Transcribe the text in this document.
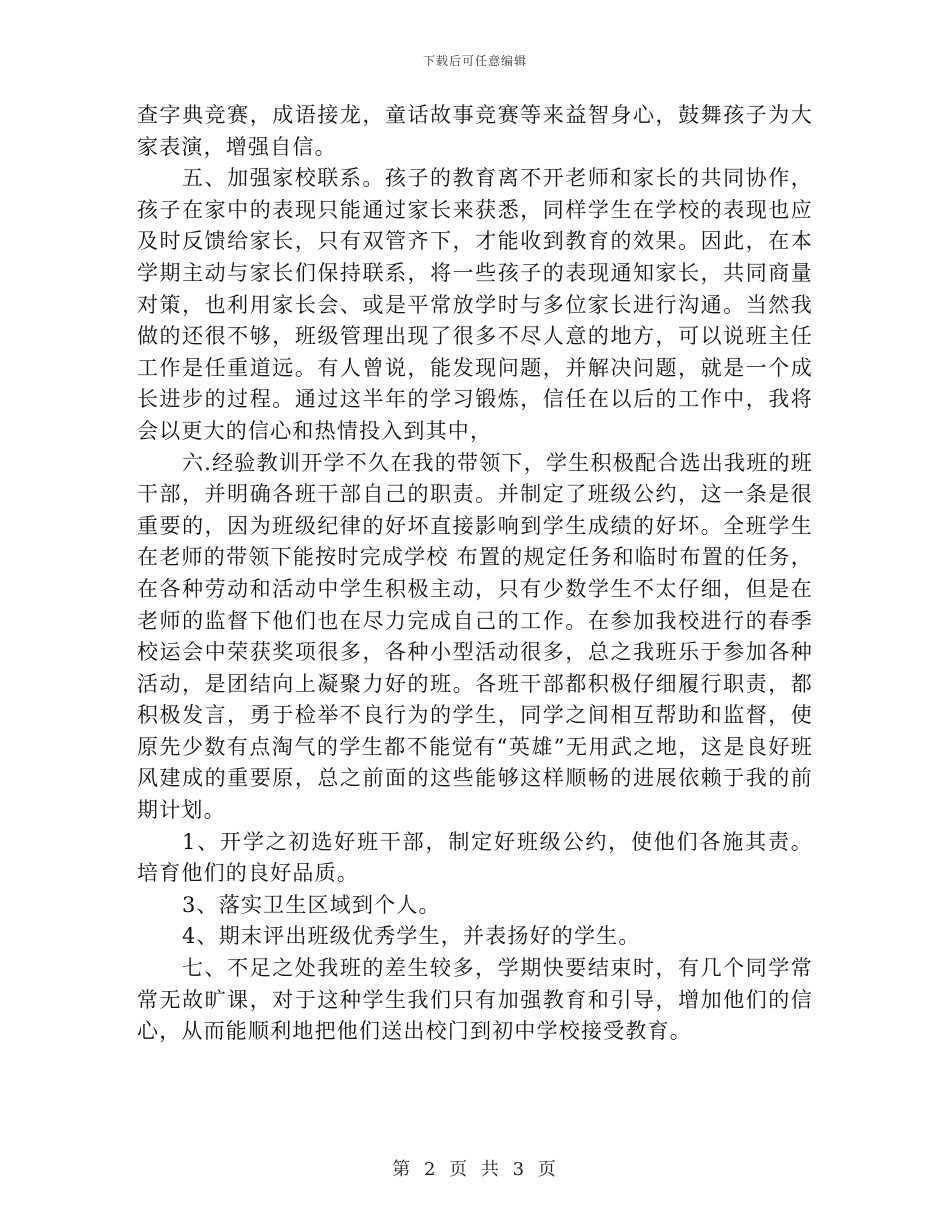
下载后可任意编辑

查字典竞赛，成语接龙，童话故事竞赛等来益智身心，鼓舞孩子为大家表演，增强自信。

五、加强家校联系。孩子的教育离不开老师和家长的共同协作，孩子在家中的表现只能通过家长来获悉，同样学生在学校的表现也应及时反馈给家长，只有双管齐下，才能收到教育的效果。因此，在本学期主动与家长们保持联系，将一些孩子的表现通知家长，共同商量对策，也利用家长会、或是平常放学时与多位家长进行沟通。当然我做的还很不够，班级管理出现了很多不尽人意的地方，可以说班主任工作是任重道远。有人曾说，能发现问题，并解决问题，就是一个成长进步的过程。通过这半年的学习锻炼，信任在以后的工作中，我将会以更大的信心和热情投入到其中，

六.经验教训开学不久在我的带领下，学生积极配合选出我班的班干部，并明确各班干部自己的职责。并制定了班级公约，这一条是很重要的，因为班级纪律的好坏直接影响到学生成绩的好坏。全班学生在老师的带领下能按时完成学校 布置的规定任务和临时布置的任务，在各种劳动和活动中学生积极主动，只有少数学生不太仔细，但是在老师的监督下他们也在尽力完成自己的工作。在参加我校进行的春季校运会中荣获奖项很多，各种小型活动很多，总之我班乐于参加各种活动，是团结向上凝聚力好的班。各班干部都积极仔细履行职责，都积极发言，勇于检举不良行为的学生，同学之间相互帮助和监督，使原先少数有点淘气的学生都不能觉有“英雄”无用武之地，这是良好班风建成的重要原，总之前面的这些能够这样顺畅的进展依赖于我的前期计划。

1、开学之初选好班干部，制定好班级公约，使他们各施其责。培育他们的良好品质。

3、落实卫生区域到个人。

4、期末评出班级优秀学生，并表扬好的学生。

七、不足之处我班的差生较多，学期快要结束时，有几个同学常常无故旷课，对于这种学生我们只有加强教育和引导，增加他们的信心，从而能顺利地把他们送出校门到初中学校接受教育。

第 2 页 共 3 页
